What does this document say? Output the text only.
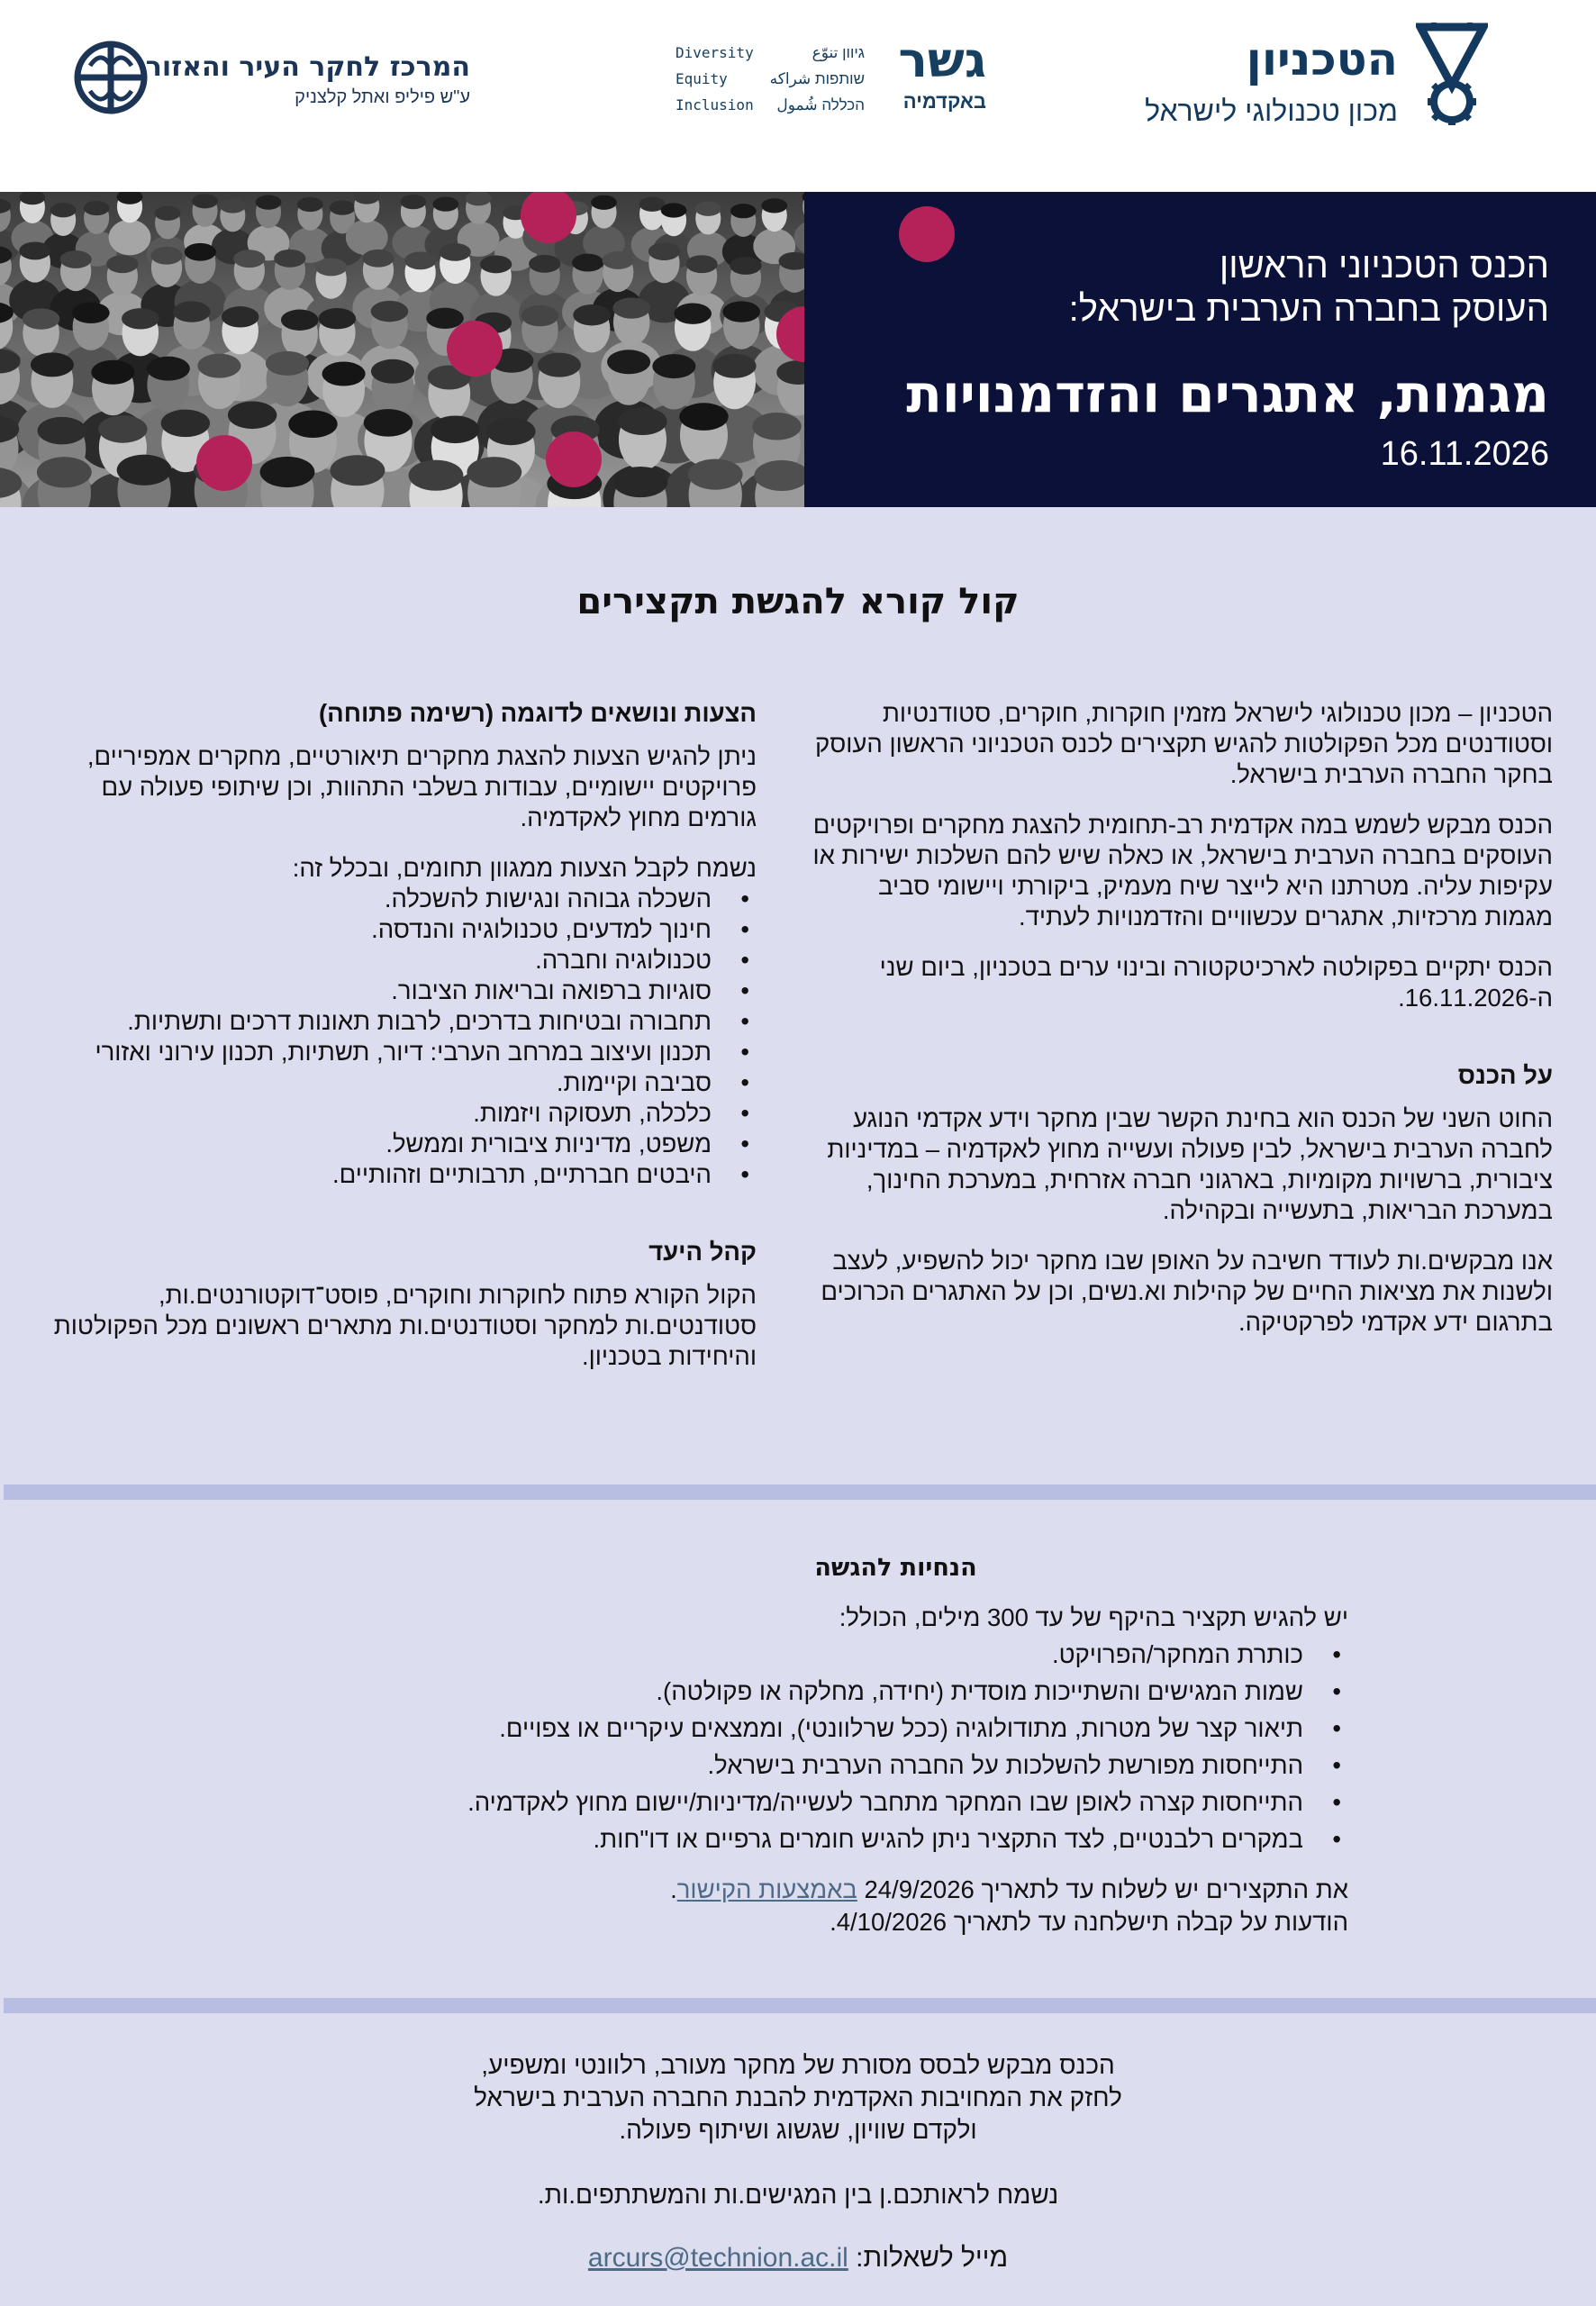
הטכניון
מכון טכנולוגי לישראל
גשר
באקדמיה
גיוון تنوّع
Diversity
שותפות شراكه
Equity
הכללה شُمول
Inclusion
המרכז לחקר העיר והאזור
ע"ש פיליפ ואתל קלצניק
הכנס הטכניוני הראשון
העוסק בחברה הערבית בישראל:
מגמות, אתגרים והזדמנויות
16.11.2026
קול קורא להגשת תקצירים

הטכניון – מכון טכנולוגי לישראל מזמין חוקרות, חוקרים, סטודנטיות וסטודנטים מכל הפקולטות להגיש תקצירים לכנס הטכניוני הראשון העוסק בחקר החברה הערבית בישראל.

הכנס מבקש לשמש במה אקדמית רב-תחומית להצגת מחקרים ופרויקטים העוסקים בחברה הערבית בישראל, או כאלה שיש להם השלכות ישירות או עקיפות עליה. מטרתנו היא לייצר שיח מעמיק, ביקורתי ויישומי סביב מגמות מרכזיות, אתגרים עכשוויים והזדמנויות לעתיד.

הכנס יתקיים בפקולטה לארכיטקטורה ובינוי ערים בטכניון, ביום שני ה-16.11.2026.

על הכנס

החוט השני של הכנס הוא בחינת הקשר שבין מחקר וידע אקדמי הנוגע לחברה הערבית בישראל, לבין פעולה ועשייה מחוץ לאקדמיה – במדיניות ציבורית, ברשויות מקומיות, בארגוני חברה אזרחית, במערכת החינוך, במערכת הבריאות, בתעשייה ובקהילה.

אנו מבקשים.ות לעודד חשיבה על האופן שבו מחקר יכול להשפיע, לעצב ולשנות את מציאות החיים של קהילות וא.נשים, וכן על האתגרים הכרוכים בתרגום ידע אקדמי לפרקטיקה.

הצעות ונושאים לדוגמה (רשימה פתוחה)

ניתן להגיש הצעות להצגת מחקרים תיאורטיים, מחקרים אמפיריים, פרויקטים יישומיים, עבודות בשלבי התהוות, וכן שיתופי פעולה עם גורמים מחוץ לאקדמיה.

נשמח לקבל הצעות ממגוון תחומים, ובכלל זה:

• השכלה גבוהה ונגישות להשכלה.
• חינוך למדעים, טכנולוגיה והנדסה.
• טכנולוגיה וחברה.
• סוגיות ברפואה ובריאות הציבור.
• תחבורה ובטיחות בדרכים, לרבות תאונות דרכים ותשתיות.
• תכנון ועיצוב במרחב הערבי: דיור, תשתיות, תכנון עירוני ואזורי
• סביבה וקיימות.
• כלכלה, תעסוקה ויזמות.
• משפט, מדיניות ציבורית וממשל.
• היבטים חברתיים, תרבותיים וזהותיים.
קהל היעד

הקול הקורא פתוח לחוקרות וחוקרים, פוסט־דוקטורנטים.ות, סטודנטים.ות למחקר וסטודנטים.ות מתארים ראשונים מכל הפקולטות והיחידות בטכניון.

הנחיות להגשה
יש להגיש תקציר בהיקף של עד 300 מילים, הכולל:
• כותרת המחקר/הפרויקט.
• שמות המגישים והשתייכות מוסדית (יחידה, מחלקה או פקולטה).
• תיאור קצר של מטרות, מתודולוגיה (ככל שרלוונטי), וממצאים עיקריים או צפויים.
• התייחסות מפורשת להשלכות על החברה הערבית בישראל.
• התייחסות קצרה לאופן שבו המחקר מתחבר לעשייה/מדיניות/יישום מחוץ לאקדמיה.
• במקרים רלבנטיים, לצד התקציר ניתן להגיש חומרים גרפיים או דו"חות.
את התקצירים יש לשלוח עד לתאריך 24/9/2026 באמצעות הקישור.
הודעות על קבלה תישלחנה עד לתאריך 4/10/2026.

הכנס מבקש לבסס מסורת של מחקר מעורב, רלוונטי ומשפיע,
לחזק את המחויבות האקדמית להבנת החברה הערבית בישראל
ולקדם שוויון, שגשוג ושיתוף פעולה.

נשמח לראותכם.ן בין המגישים.ות והמשתתפים.ות.

מייל לשאלות: arcurs@technion.ac.il
